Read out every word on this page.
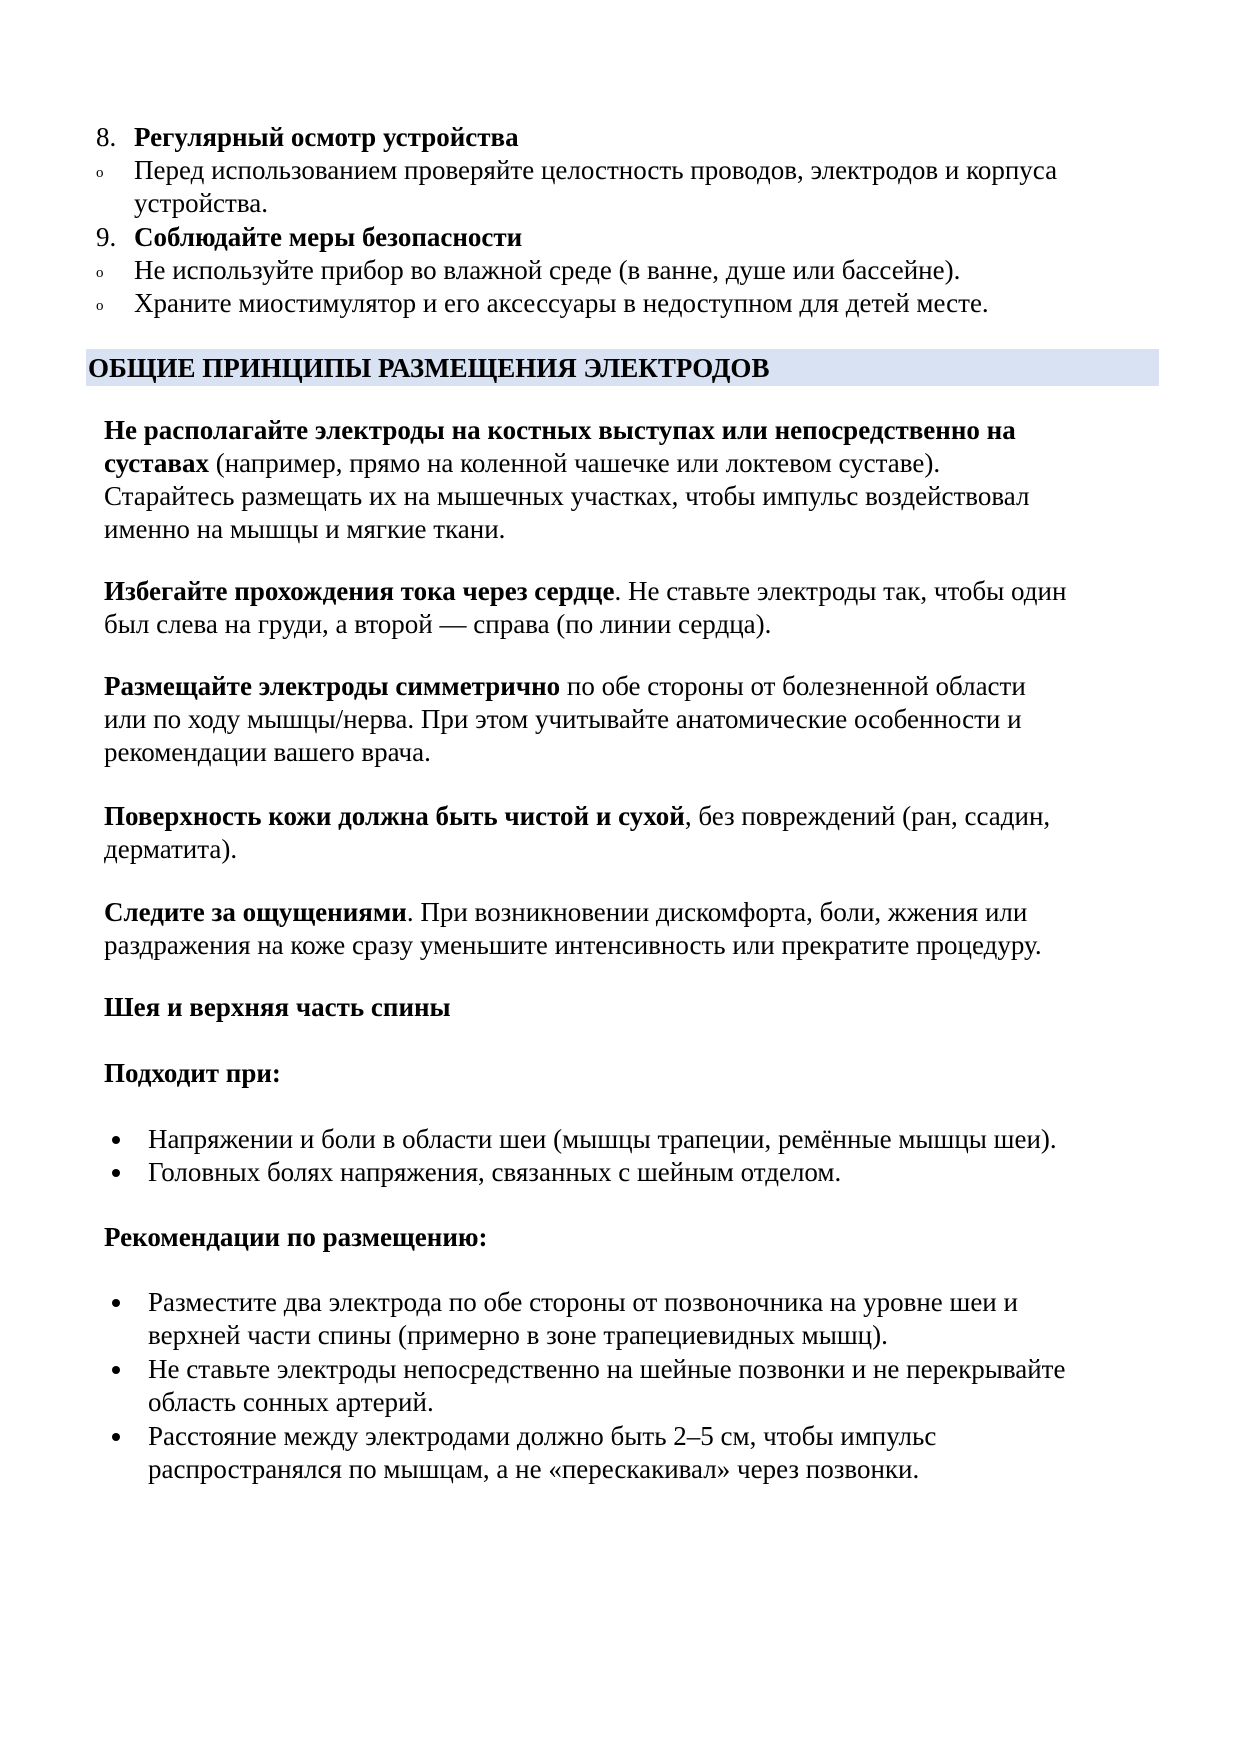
8. Регулярный осмотр устройства
o Перед использованием проверяйте целостность проводов, электродов и корпуса
устройства.
9. Соблюдайте меры безопасности
o Не используйте прибор во влажной среде (в ванне, душе или бассейне).
o Храните миостимулятор и его аксессуары в недоступном для детей месте.
ОБЩИЕ ПРИНЦИПЫ РАЗМЕЩЕНИЯ ЭЛЕКТРОДОВ
Не располагайте электроды на костных выступах или непосредственно на
суставах (например, прямо на коленной чашечке или локтевом суставе).
Старайтесь размещать их на мышечных участках, чтобы импульс воздействовал
именно на мышцы и мягкие ткани.
Избегайте прохождения тока через сердце. Не ставьте электроды так, чтобы один
был слева на груди, а второй — справа (по линии сердца).
Размещайте электроды симметрично по обе стороны от болезненной области
или по ходу мышцы/нерва. При этом учитывайте анатомические особенности и
рекомендации вашего врача.
Поверхность кожи должна быть чистой и сухой, без повреждений (ран, ссадин,
дерматита).
Следите за ощущениями. При возникновении дискомфорта, боли, жжения или
раздражения на коже сразу уменьшите интенсивность или прекратите процедуру.
Шея и верхняя часть спины
Подходит при:
Напряжении и боли в области шеи (мышцы трапеции, ремённые мышцы шеи).
Головных болях напряжения, связанных с шейным отделом.
Рекомендации по размещению:
Разместите два электрода по обе стороны от позвоночника на уровне шеи и
верхней части спины (примерно в зоне трапециевидных мышц).
Не ставьте электроды непосредственно на шейные позвонки и не перекрывайте
область сонных артерий.
Расстояние между электродами должно быть 2–5 см, чтобы импульс
распространялся по мышцам, а не «перескакивал» через позвонки.
